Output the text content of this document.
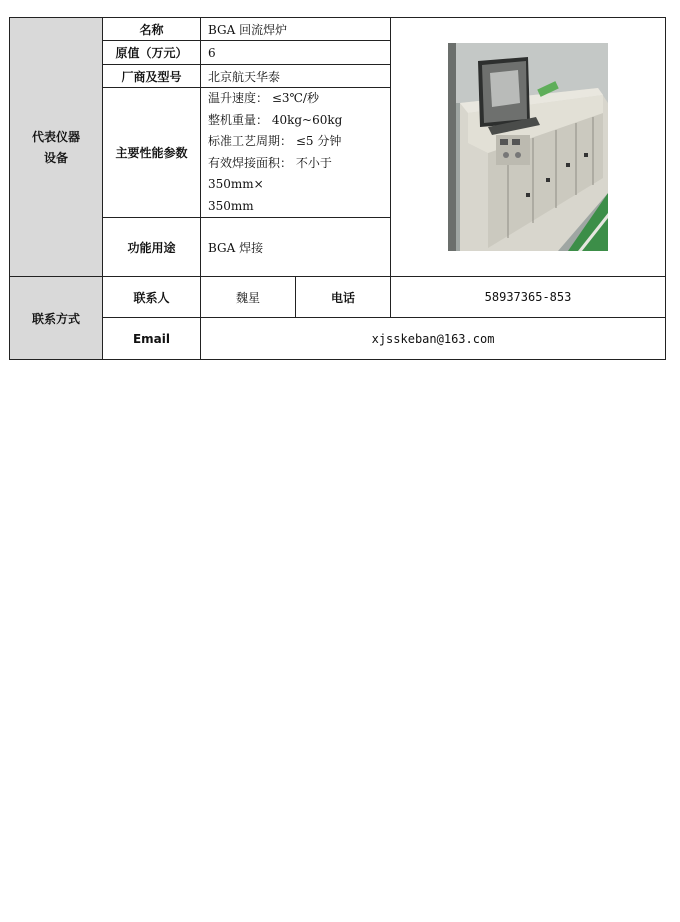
代表仪器
设备	名称	BGA 回流焊炉	
	原值（万元）	6		
	厂商及型号	北京航天华泰		
	主要性能参数	温升速度： ≤3℃/秒
整机重量： 40kg~60kg
标准工艺周期： ≤5 分钟
有效焊接面积： 不小于 350mm×
350mm		

	功能用途	BGA 焊接		
联系方式	联系人	魏星	电话	58937365-853
	Email	xjsskeban@163.com		
